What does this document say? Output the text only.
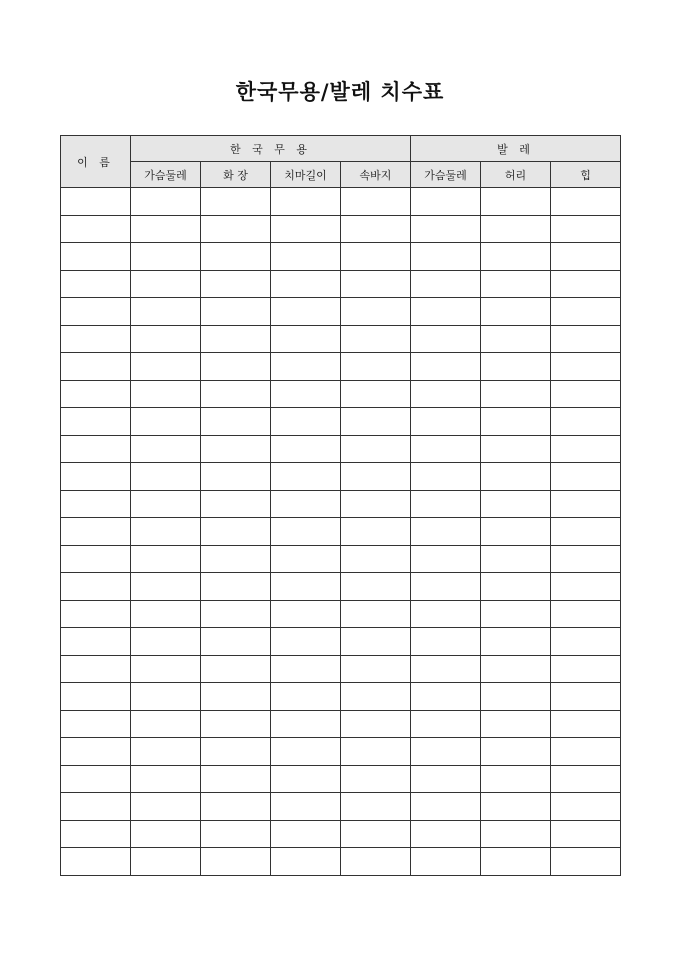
한국무용/발레 치수표
이 름	한 국 무 용				발 레		
	가슴둘레	화 장	치마길이	속바지	가슴둘레	허리	힙
